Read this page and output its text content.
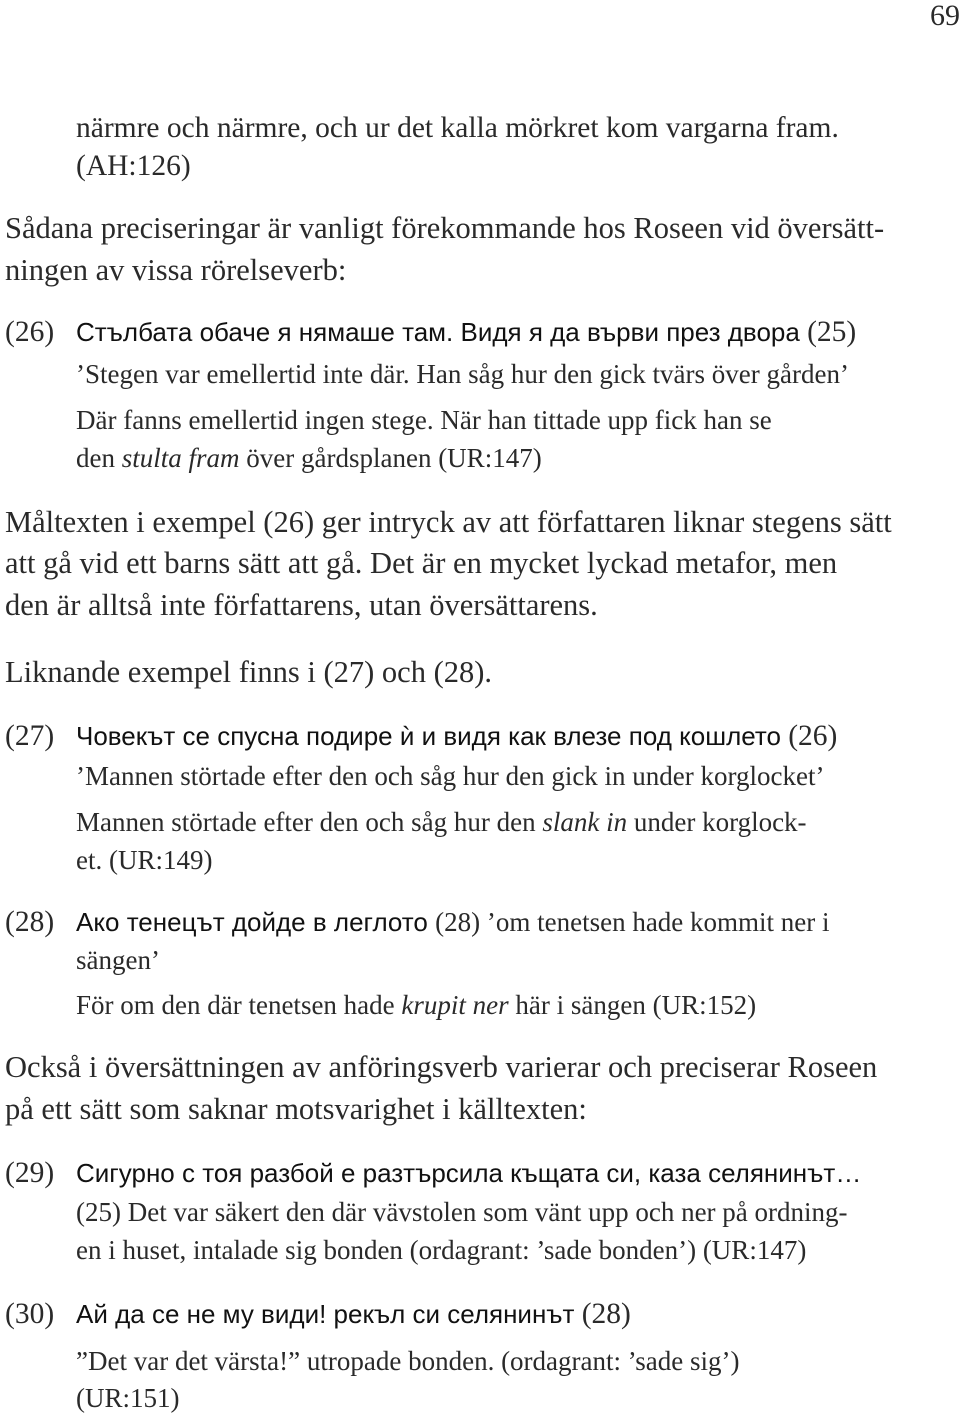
69
närmre och närmre, och ur det kalla mörkret kom vargarna fram.
(AH:126)
Sådana preciseringar är vanligt förekommande hos Roseen vid översätt-
ningen av vissa rörelseverb:
(26) Стълбата обаче я нямаше там. Видя я да върви през двора (25)
’Stegen var emellertid inte där. Han såg hur den gick tvärs över gården’
Där fanns emellertid ingen stege. När han tittade upp fick han se
den stulta fram över gårdsplanen (UR:147)
Måltexten i exempel (26) ger intryck av att författaren liknar stegens sätt
att gå vid ett barns sätt att gå. Det är en mycket lyckad metafor, men
den är alltså inte författarens, utan översättarens.
Liknande exempel finns i (27) och (28).
(27) Човекът се спусна подире ѝ и видя как влезе под кошлето (26)
’Mannen störtade efter den och såg hur den gick in under korglocket’
Mannen störtade efter den och såg hur den slank in under korglock-
et. (UR:149)
(28) Ако тенецът дойде в леглото (28) ’om tenetsen hade kommit ner i
sängen’
För om den där tenetsen hade krupit ner här i sängen (UR:152)
Också i översättningen av anföringsverb varierar och preciserar Roseen
på ett sätt som saknar motsvarighet i källtexten:
(29) Сигурно с тоя разбой е разтърсила къщата си, каза селянинът…
(25) Det var säkert den där vävstolen som vänt upp och ner på ordning-
en i huset, intalade sig bonden (ordagrant: ’sade bonden’) (UR:147)
(30) Ай да се не му види! рекъл си селянинът (28)
”Det var det värsta!” utropade bonden. (ordagrant: ’sade sig’)
(UR:151)
